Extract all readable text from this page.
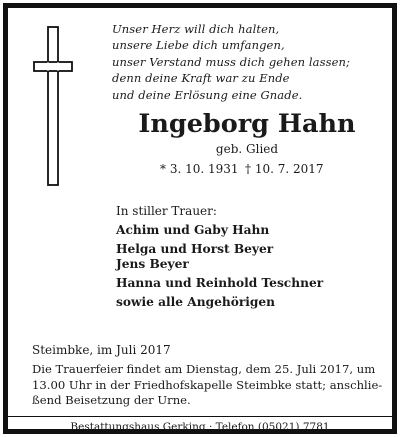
Unser Herz will dich halten,
unsere Liebe dich umfangen,
unser Verstand muss dich gehen lassen;
denn deine Kraft war zu Ende
und deine Erlösung eine Gnade.
Ingeborg Hahn
geb. Glied
* 3. 10. 1931 † 10. 7. 2017
In stiller Trauer:
Achim und Gaby Hahn
Helga und Horst Beyer
Jens Beyer
Hanna und Reinhold Teschner
sowie alle Angehörigen
Steimbke, im Juli 2017
Die Trauerfeier findet am Dienstag, dem 25. Juli 2017, um
13.00 Uhr in der Friedhofskapelle Steimbke statt; anschlie-
ßend Beisetzung der Urne.
Bestattungshaus Gerking · Telefon (05021) 7781
